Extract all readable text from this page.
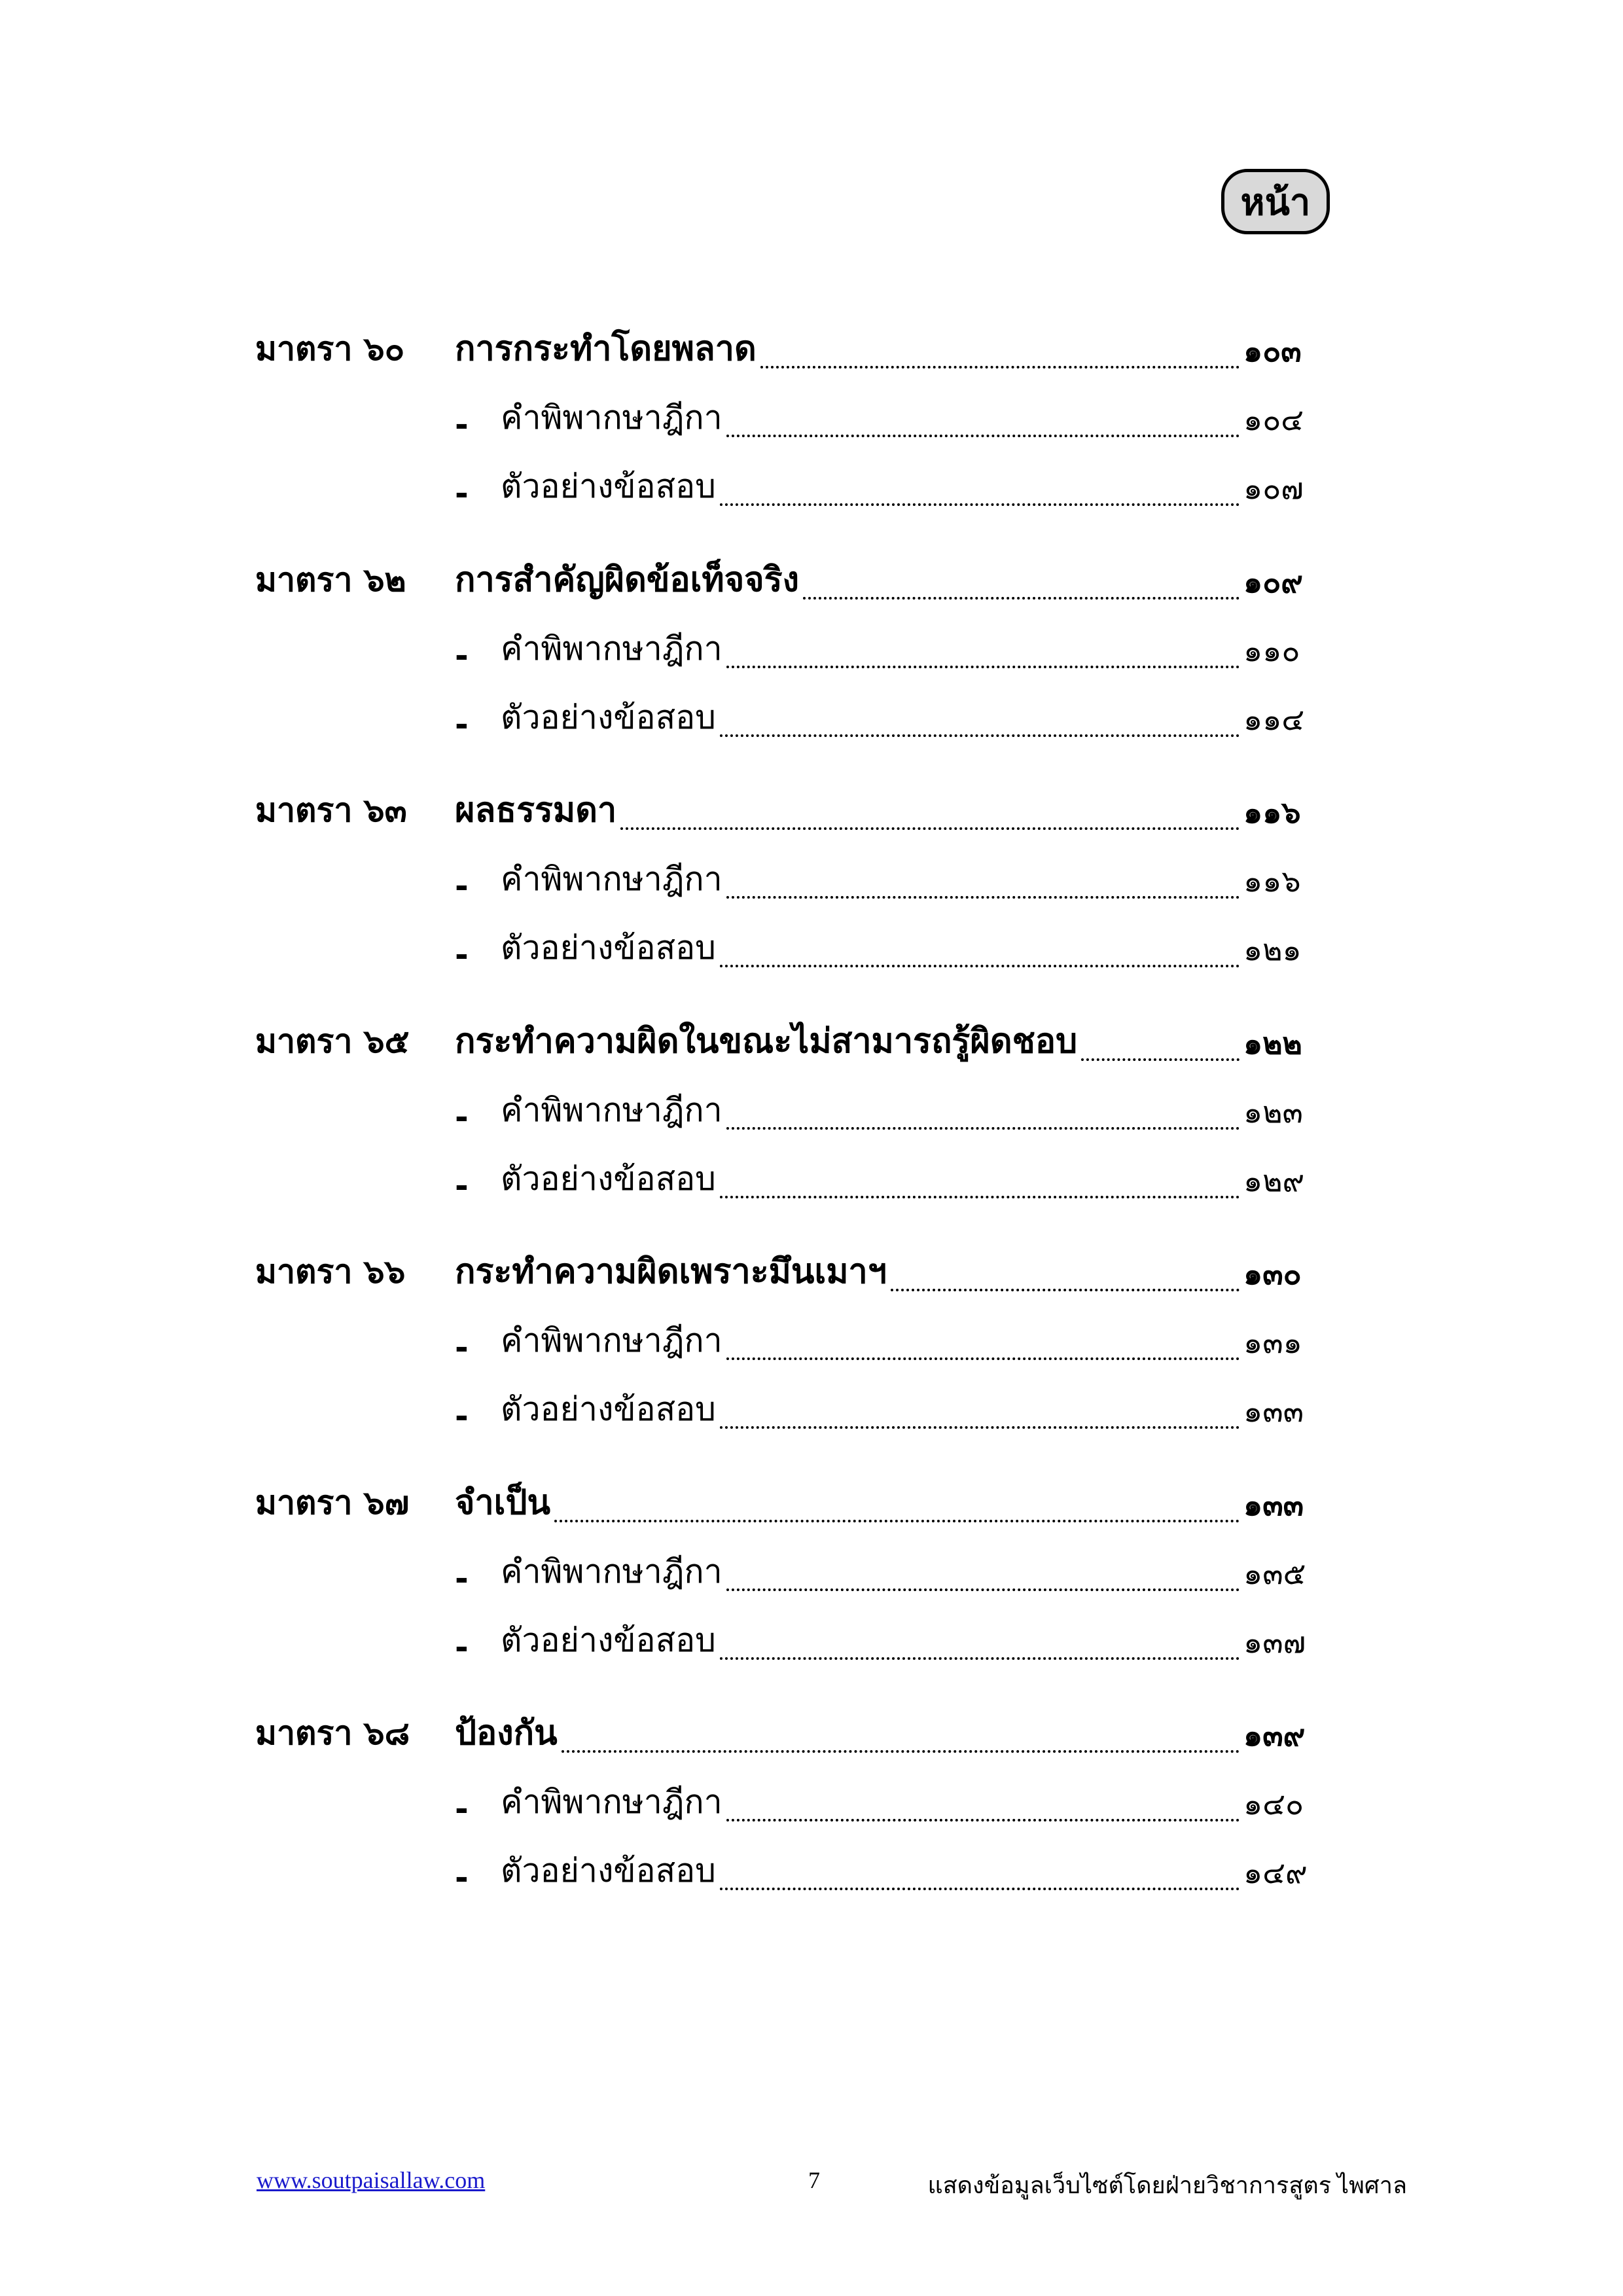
หน้า
มาตรา ๖๐ การกระทำโดยพลาด	๑๐๓
- คำพิพากษาฎีกา	๑๐๔
- ตัวอย่างข้อสอบ	๑๐๗
มาตรา ๖๒ การสำคัญผิดข้อเท็จจริง	๑๐๙
- คำพิพากษาฎีกา	๑๑๐
- ตัวอย่างข้อสอบ	๑๑๔
มาตรา ๖๓ ผลธรรมดา	๑๑๖
- คำพิพากษาฎีกา	๑๑๖
- ตัวอย่างข้อสอบ	๑๒๑
มาตรา ๖๕ กระทำความผิดในขณะไม่สามารถรู้ผิดชอบ	๑๒๒
- คำพิพากษาฎีกา	๑๒๓
- ตัวอย่างข้อสอบ	๑๒๙
มาตรา ๖๖ กระทำความผิดเพราะมึนเมาฯ	๑๓๐
- คำพิพากษาฎีกา	๑๓๑
- ตัวอย่างข้อสอบ	๑๓๓
มาตรา ๖๗ จำเป็น	๑๓๓
- คำพิพากษาฎีกา	๑๓๕
- ตัวอย่างข้อสอบ	๑๓๗
มาตรา ๖๘ ป้องกัน	๑๓๙
- คำพิพากษาฎีกา	๑๔๐
- ตัวอย่างข้อสอบ	๑๔๙
www.soutpaisallaw.com	7	แสดงข้อมูลเว็บไซต์โดยฝ่ายวิชาการสูตร ไพศาล
